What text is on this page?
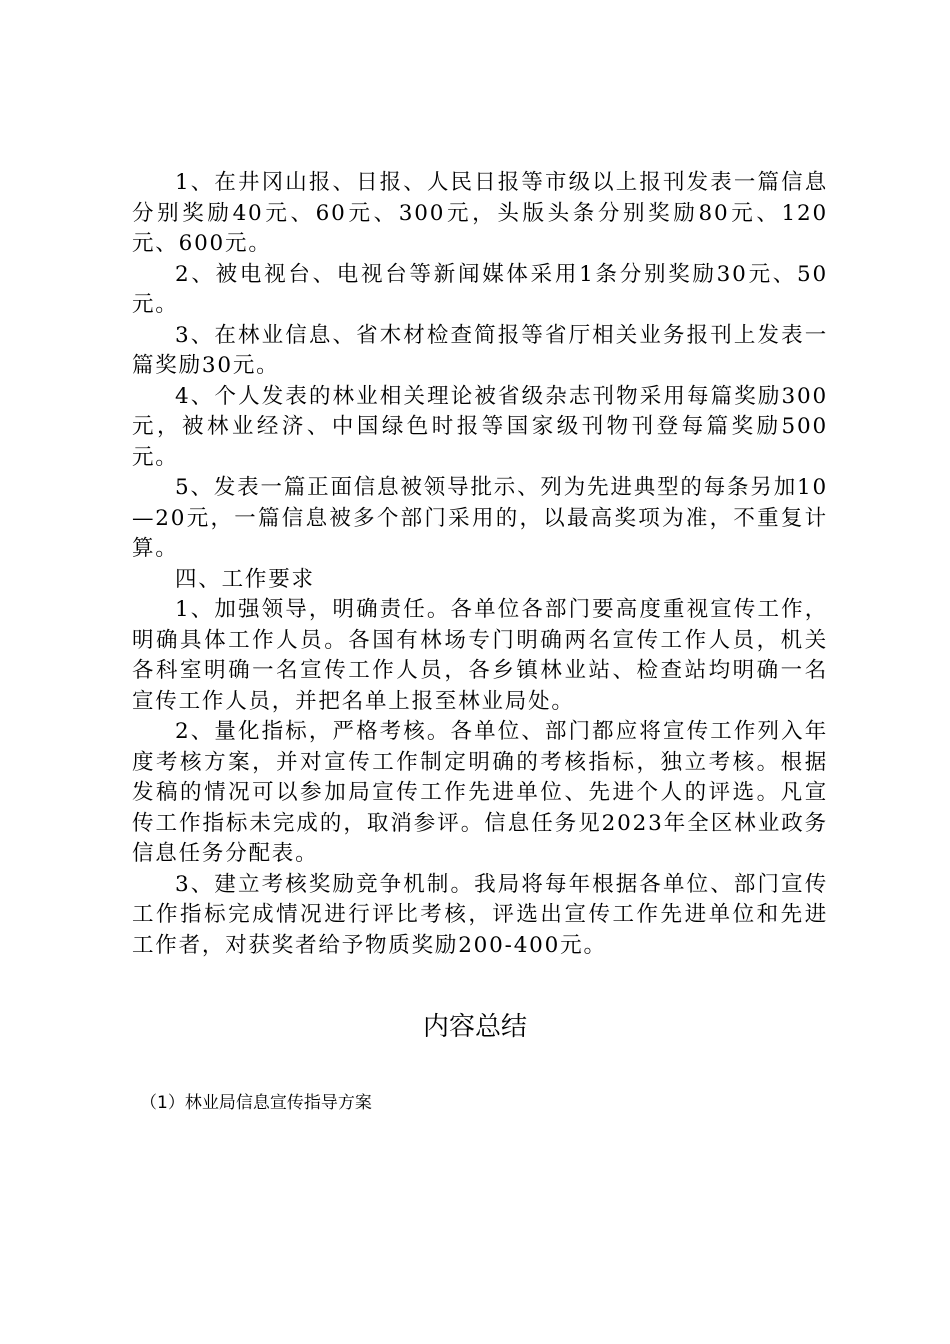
1、在井冈山报、日报、人民日报等市级以上报刊发表一篇信息分别奖励40元、60元、300元，头版头条分别奖励80元、120元、600元。

2、被电视台、电视台等新闻媒体采用1条分别奖励30元、50元。

3、在林业信息、省木材检查简报等省厅相关业务报刊上发表一篇奖励30元。

4、个人发表的林业相关理论被省级杂志刊物采用每篇奖励300元，被林业经济、中国绿色时报等国家级刊物刊登每篇奖励500元。

5、发表一篇正面信息被领导批示、列为先进典型的每条另加10—20元，一篇信息被多个部门采用的，以最高奖项为准，不重复计算。

四、工作要求

1、加强领导，明确责任。各单位各部门要高度重视宣传工作，明确具体工作人员。各国有林场专门明确两名宣传工作人员，机关各科室明确一名宣传工作人员，各乡镇林业站、检查站均明确一名宣传工作人员，并把名单上报至林业局处。

2、量化指标，严格考核。各单位、部门都应将宣传工作列入年度考核方案，并对宣传工作制定明确的考核指标，独立考核。根据发稿的情况可以参加局宣传工作先进单位、先进个人的评选。凡宣传工作指标未完成的，取消参评。信息任务见2023年全区林业政务信息任务分配表。

3、建立考核奖励竞争机制。我局将每年根据各单位、部门宣传工作指标完成情况进行评比考核，评选出宣传工作先进单位和先进工作者，对获奖者给予物质奖励200-400元。

内容总结
（1）林业局信息宣传指导方案
